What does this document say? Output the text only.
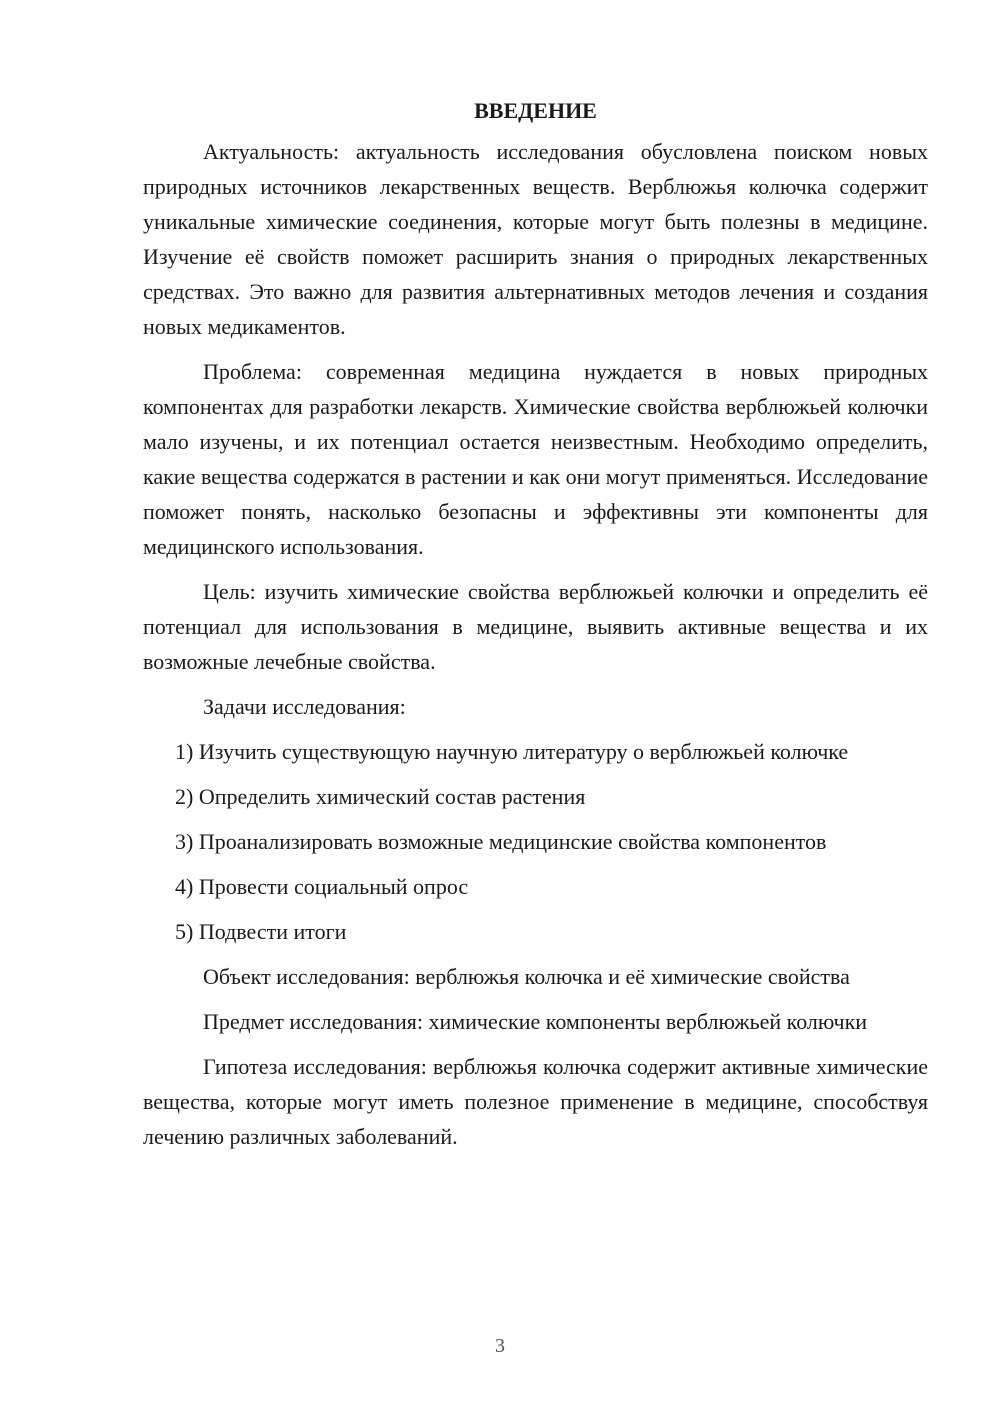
ВВЕДЕНИЕ

Актуальность: актуальность исследования обусловлена поиском новых природных источников лекарственных веществ. Верблюжья колючка содержит уникальные химические соединения, которые могут быть полезны в медицине. Изучение её свойств поможет расширить знания о природных лекарственных средствах. Это важно для развития альтернативных методов лечения и создания новых медикаментов.

Проблема: современная медицина нуждается в новых природных компонентах для разработки лекарств. Химические свойства верблюжьей колючки мало изучены, и их потенциал остается неизвестным. Необходимо определить, какие вещества содержатся в растении и как они могут применяться. Исследование поможет понять, насколько безопасны и эффективны эти компоненты для медицинского использования.

Цель: изучить химические свойства верблюжьей колючки и определить её потенциал для использования в медицине, выявить активные вещества и их возможные лечебные свойства.

Задачи исследования:

1) Изучить существующую научную литературу о верблюжьей колючке

2) Определить химический состав растения

3) Проанализировать возможные медицинские свойства компонентов

4) Провести социальный опрос

5) Подвести итоги

Объект исследования: верблюжья колючка и её химические свойства

Предмет исследования: химические компоненты верблюжьей колючки

Гипотеза исследования: верблюжья колючка содержит активные химические вещества, которые могут иметь полезное применение в медицине, способствуя лечению различных заболеваний.

3
